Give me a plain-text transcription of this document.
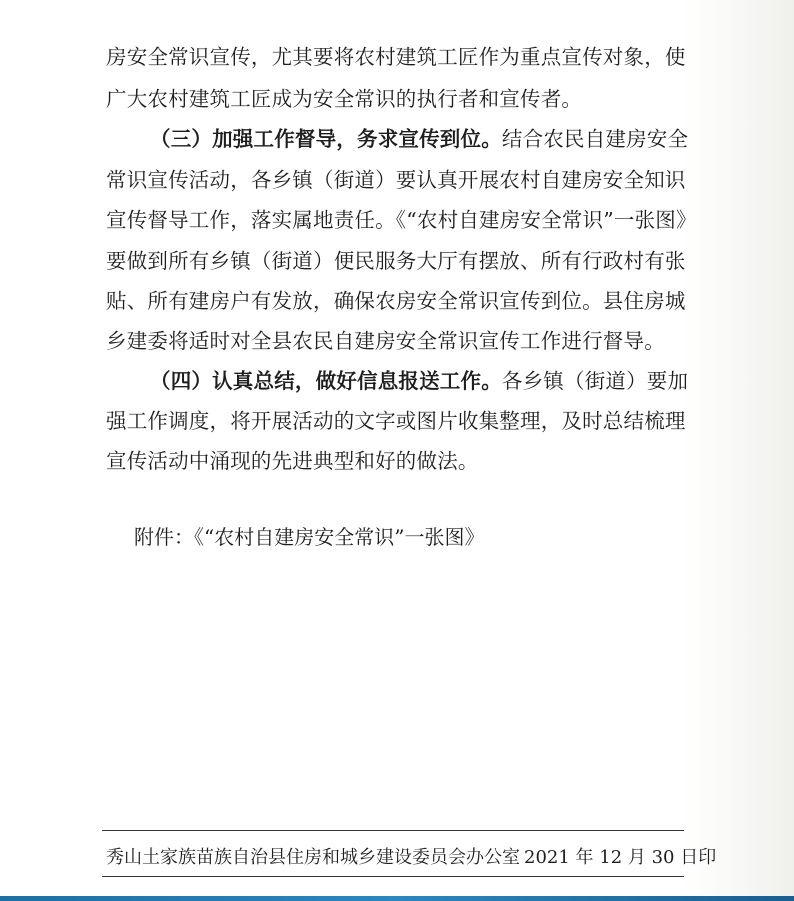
房安全常识宣传，尤其要将农村建筑工匠作为重点宣传对象，使
广大农村建筑工匠成为安全常识的执行者和宣传者。
（三）加强工作督导，务求宣传到位。结合农民自建房安全
常识宣传活动，各乡镇（街道）要认真开展农村自建房安全知识
宣传督导工作，落实属地责任。《“农村自建房安全常识”一张图》
要做到所有乡镇（街道）便民服务大厅有摆放、所有行政村有张
贴、所有建房户有发放，确保农房安全常识宣传到位。县住房城
乡建委将适时对全县农民自建房安全常识宣传工作进行督导。
（四）认真总结，做好信息报送工作。各乡镇（街道）要加
强工作调度，将开展活动的文字或图片收集整理，及时总结梳理
宣传活动中涌现的先进典型和好的做法。
附件：《“农村自建房安全常识”一张图》
秀山土家族苗族自治县住房和城乡建设委员会办公室 2021 年 12 月 30 日印
